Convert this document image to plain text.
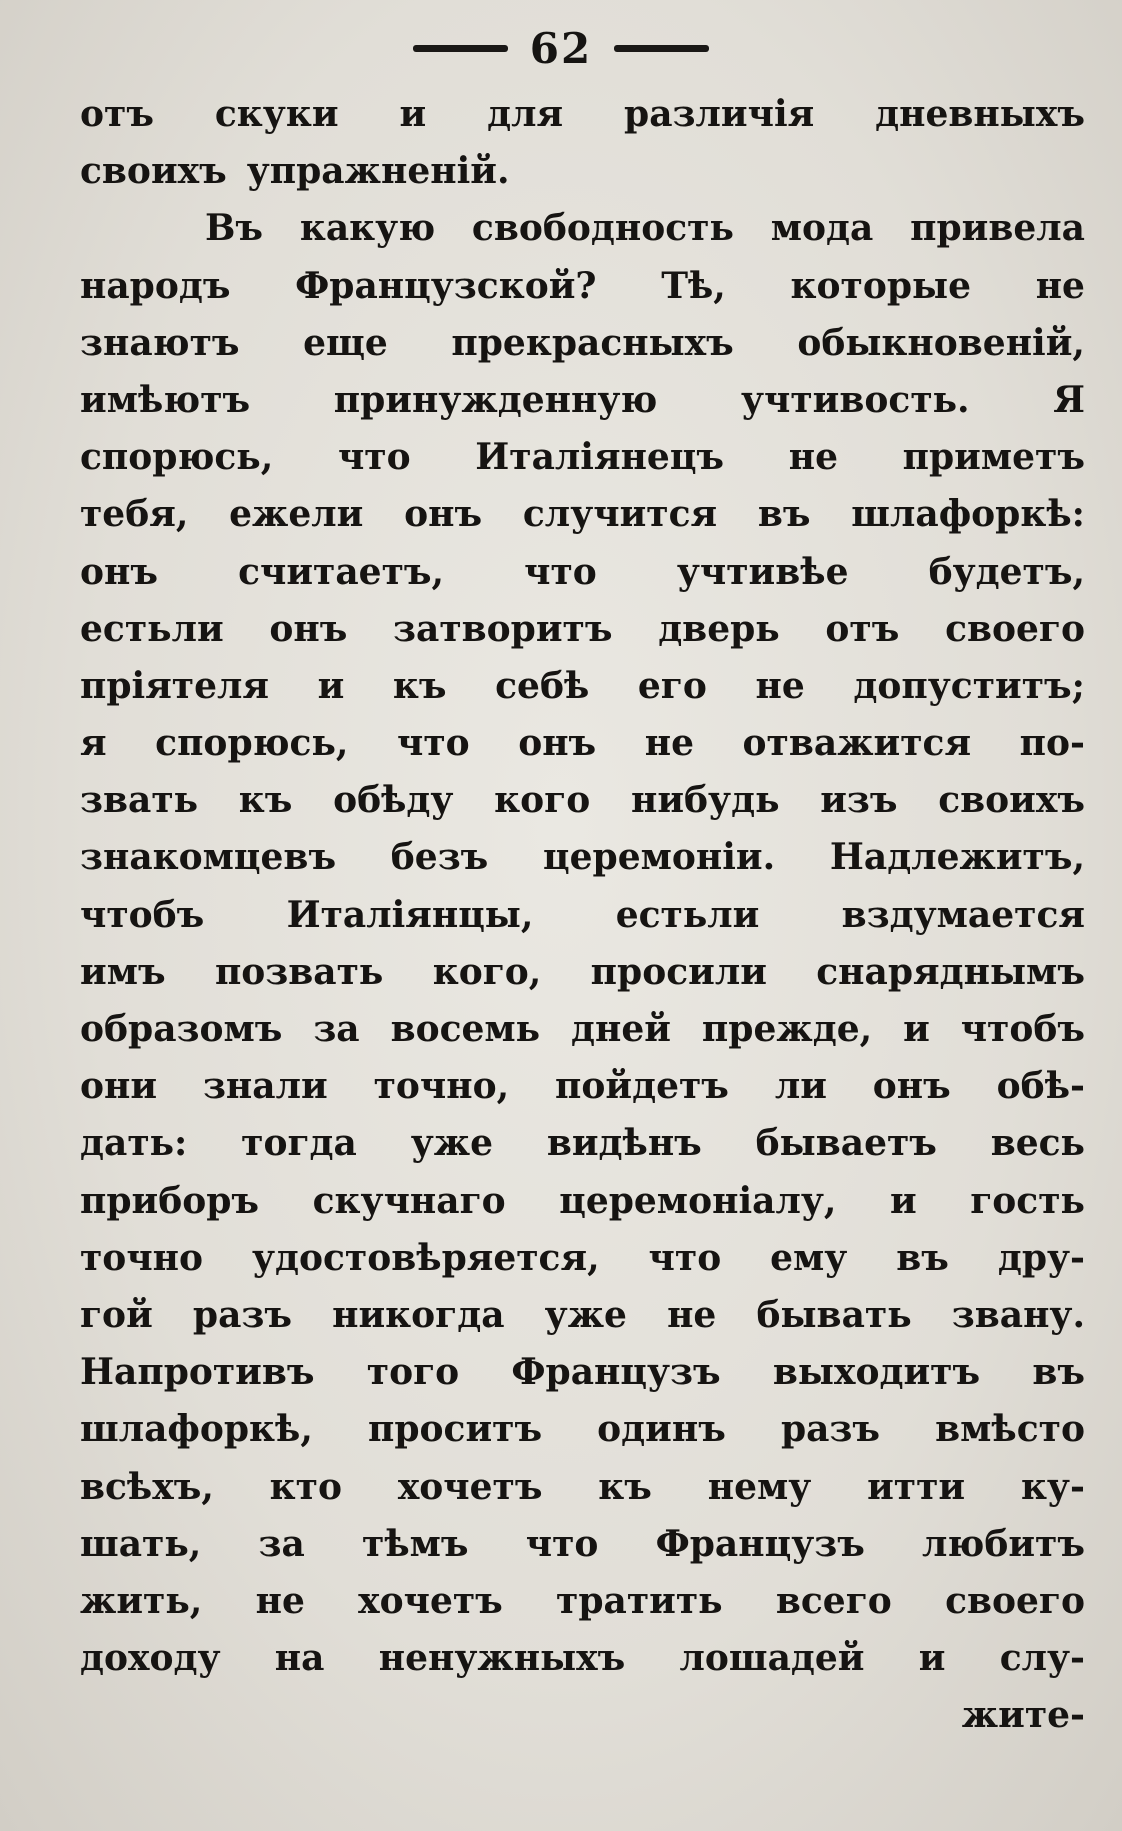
62
отъ скуки и для различія дневныхъ
своихъ упражненій.
Въ какую свободность мода привела
народъ Французской? Тѣ, которые не
знаютъ еще прекрасныхъ обыкновеній,
имѣютъ принужденную учтивость. Я
спорюсь, что Италіянецъ не приметъ
тебя, ежели онъ случится въ шлафоркѣ:
онъ считаетъ, что учтивѣе будетъ,
естьли онъ затворитъ дверь отъ своего
пріятеля и къ себѣ его не допуститъ;
я спорюсь, что онъ не отважится по-
звать къ обѣду кого нибудь изъ своихъ
знакомцевъ безъ церемоніи. Надлежитъ,
чтобъ Италіянцы, естьли вздумается
имъ позвать кого, просили снаряднымъ
образомъ за восемь дней прежде, и чтобъ
они знали точно, пойдетъ ли онъ обѣ-
дать: тогда уже видѣнъ бываетъ весь
приборъ скучнаго церемоніалу, и гость
точно удостовѣряется, что ему въ дру-
гой разъ никогда уже не бывать звану.
Напротивъ того Французъ выходитъ въ
шлафоркѣ, проситъ одинъ разъ вмѣсто
всѣхъ, кто хочетъ къ нему итти ку-
шать, за тѣмъ что Французъ любитъ
жить, не хочетъ тратить всего своего
доходу на ненужныхъ лошадей и слу-
жите-
